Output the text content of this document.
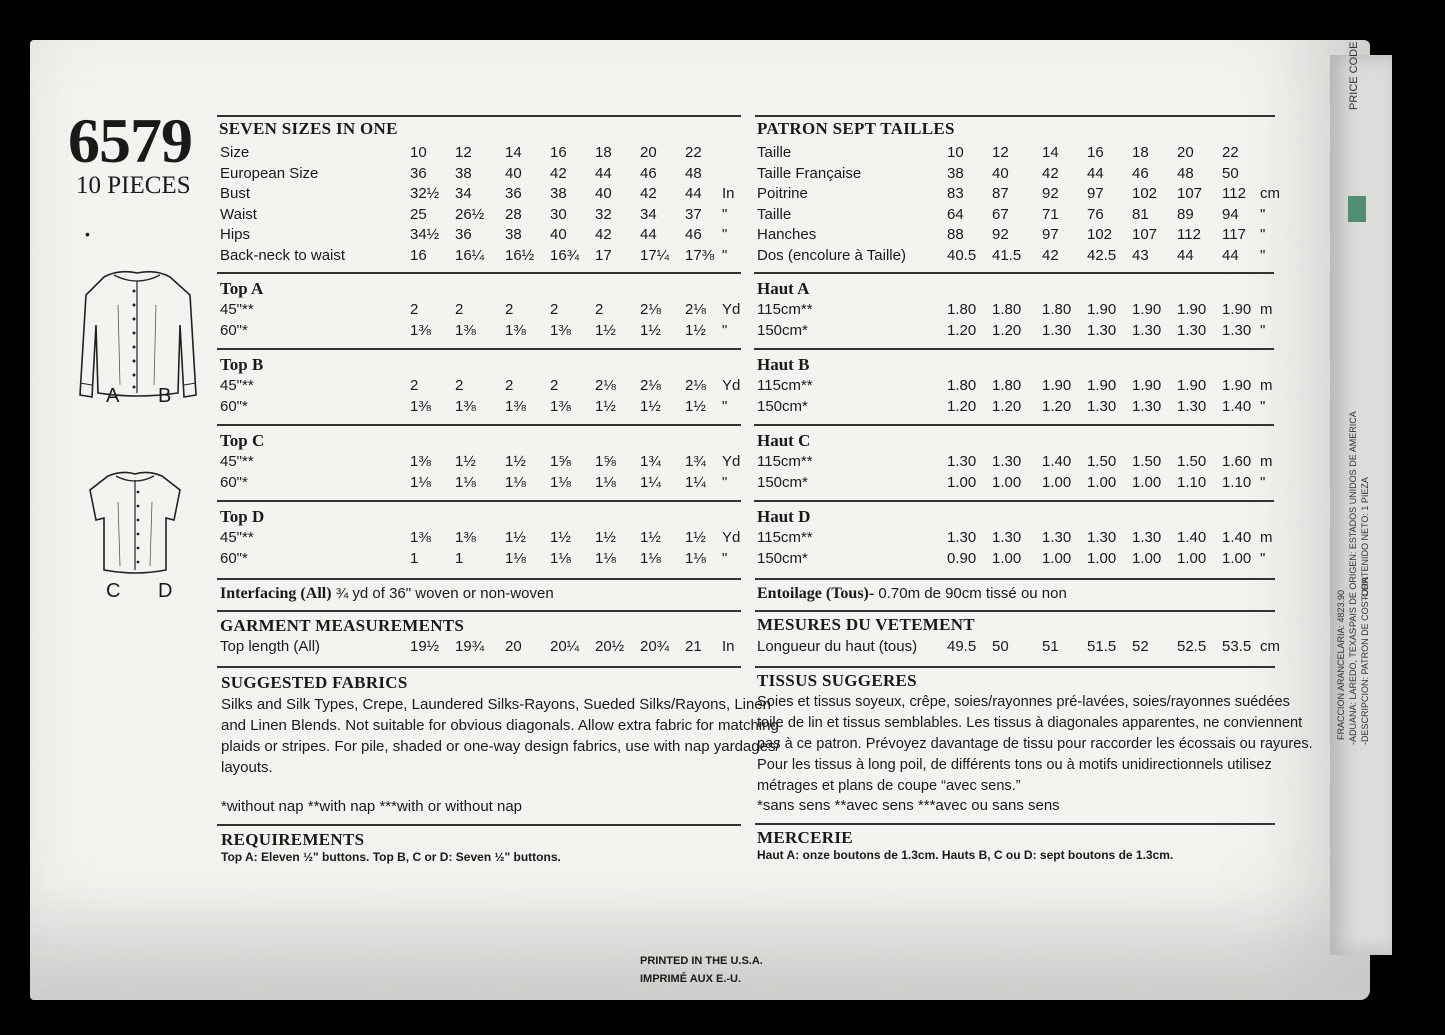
6579
10 PIECES
•
A B
C D
SEVEN SIZES IN ONE
Size	10 12 14 16 18 20 22
European Size	36 38 40 42 44 46 48
Bust	32½ 34 36 38 40 42 44 In
Waist	25 26½ 28 30 32 34 37 "
Hips	34½ 36 38 40 42 44 46 "
Back-neck to waist	16 16¼ 16½ 16¾ 17 17¼ 17⅜ "
Top A
45"**	2 2	2 2 2 2⅛ 2⅛ Yd
60"*	1⅜ 1⅜ 1⅜ 1⅜ 1½ 1½ 1½ "
Top B
45"**	2 2	2 2 2⅛ 2⅛ 2⅛ Yd
60"*	1⅜ 1⅜ 1⅜ 1⅜ 1½ 1½ 1½ "
Top C
45"**	1⅜ 1½ 1½ 1⅝ 1⅝ 1¾ 1¾ Yd
60"*	1⅛ 1⅛ 1⅛ 1⅛ 1⅛ 1¼ 1¼ "
Top D
45"**	1⅜ 1⅜ 1½ 1½ 1½ 1½ 1½ Yd
60"*	1 1	1⅛ 1⅛ 1⅛ 1⅛ 1⅛ "
Interfacing (All) ¾ yd of 36" woven or non-woven
GARMENT MEASUREMENTS
Top length (All)	19½ 19¾ 20 20¼ 20½ 20¾ 21 In
SUGGESTED FABRICS
Silks and Silk Types, Crepe, Laundered Silks-Rayons, Sueded Silks/Rayons, Linen
and Linen Blends. Not suitable for obvious diagonals. Allow extra fabric for matching
plaids or stripes. For pile, shaded or one-way design fabrics, use with nap yardages/
layouts.
*without nap **with nap ***with or without nap
REQUIREMENTS
Top A: Eleven ½" buttons. Top B, C or D: Seven ½" buttons.
PATRON SEPT TAILLES
Taille	10 12 14 16 18 20 22
Taille Française	38 40 42 44 46 48 50
Poitrine	83 87 92 97 102 107 112 cm
Taille	64 67 71 76 81 89 94 "
Hanches	88 92 97 102 107 112 117 "
Dos (encolure à Taille)	40.5 41.5 42 42.5 43 44 44 "
Haut A
115cm**	1.80 1.80 1.80 1.90 1.90 1.90 1.90 m
150cm*	1.20 1.20 1.30 1.30 1.30 1.30 1.30 "
Haut B
115cm**	1.80 1.80 1.90 1.90 1.90 1.90 1.90 m
150cm*	1.20 1.20 1.20 1.30 1.30 1.30 1.40 "
Haut C
115cm**	1.30 1.30 1.40 1.50 1.50 1.50 1.60 m
150cm*	1.00 1.00 1.00 1.00 1.00 1.10 1.10 "
Haut D
115cm**	1.30 1.30 1.30 1.30 1.30 1.40 1.40 m
150cm*	0.90 1.00 1.00 1.00 1.00 1.00 1.00 "
Entoilage (Tous)- 0.70m de 90cm tissé ou non
MESURES DU VETEMENT
Longueur du haut (tous) 49.5 50 51 51.5 52 52.5 53.5 cm
TISSUS SUGGERES
Soies et tissus soyeux, crêpe, soies/rayonnes pré-lavées, soies/rayonnes suédées
toile de lin et tissus semblables. Les tissus à diagonales apparentes, ne conviennent
pas à ce patron. Prévoyez davantage de tissu pour raccorder les écossais ou rayures.
Pour les tissus à long poil, de différents tons ou à motifs unidirectionnels utilisez
métrages et plans de coupe “avec sens.”
*sans sens **avec sens ***avec ou sans sens
MERCERIE
Haut A: onze boutons de 1.3cm. Hauts B, C ou D: sept boutons de 1.3cm.
PRINTED IN THE U.S.A.
IMPRIMÉ AUX E.-U.
FRACCION ARANCELARIA: 4823.90
-PAIS DE ORIGEN: ESTADOS UNIDOS DE AMERICA -CONTENIDO NETO: 1 PIEZA
-ADUANA: LAREDO, TEXAS -DESCRIPCION: PATRON DE COSTURA
PRICE CODE
